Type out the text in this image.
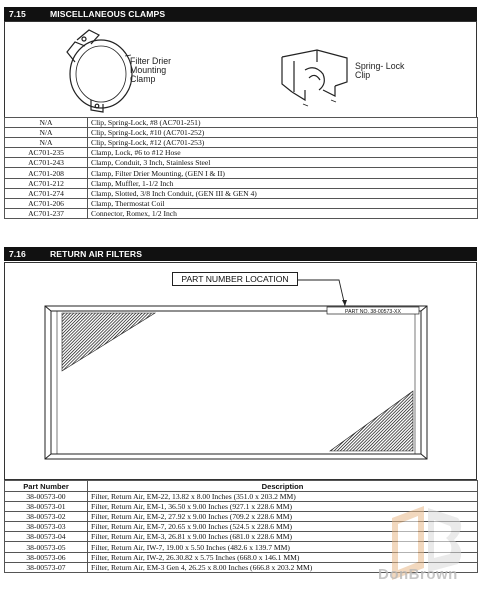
7.15	MISCELLANEOUS CLAMPS
Filter Drier
Mounting
Clamp
Spring- Lock
Clip
N/A	Clip, Spring-Lock, #8 (AC701-251)
N/A	Clip, Spring-Lock, #10 (AC701-252)
N/A	Clip, Spring-Lock, #12 (AC701-253)
AC701-235	Clamp, Lock, #6 to #12 Hose
AC701-243	Clamp, Conduit, 3 Inch, Stainless Steel
AC701-208	Clamp, Filter Drier Mounting, (GEN I & II)
AC701-212	Clamp, Muffler, 1-1/2 Inch
AC701-274	Clamp, Slotted, 3/8 Inch Conduit, (GEN III & GEN 4)
AC701-206	Clamp, Thermostat Coil
AC701-237	Connector, Romex, 1/2 Inch
7.16	RETURN AIR FILTERS
PART NO. 38-00573-XX
PART NUMBER LOCATION
Part Number	Description
38-00573-00	Filter, Return Air, EM-22, 13.82 x 8.00 Inches (351.0 x 203.2 MM)
38-00573-01	Filter, Return Air, EM-1, 36.50 x 9.00 Inches (927.1 x 228.6 MM)
38-00573-02	Filter, Return Air, EM-2, 27.92 x 9.00 Inches (709.2 x 228.6 MM)
38-00573-03	Filter, Return Air, EM-7, 20.65 x 9.00 Inches (524.5 x 228.6 MM)
38-00573-04	Filter, Return Air, EM-3, 26.81 x 9.00 Inches (681.0 x 228.6 MM)
38-00573-05	Filter, Return Air, IW-7, 19.00 x 5.50 Inches (482.6 x 139.7 MM)
38-00573-06	Filter, Return Air, IW-2, 26.30.82 x 5.75 Inches (668.0 x 146.1 MM)
38-00573-07	Filter, Return Air, EM-3 Gen 4, 26.25 x 8.00 Inches (666.8 x 203.2 MM)	DonBrown
